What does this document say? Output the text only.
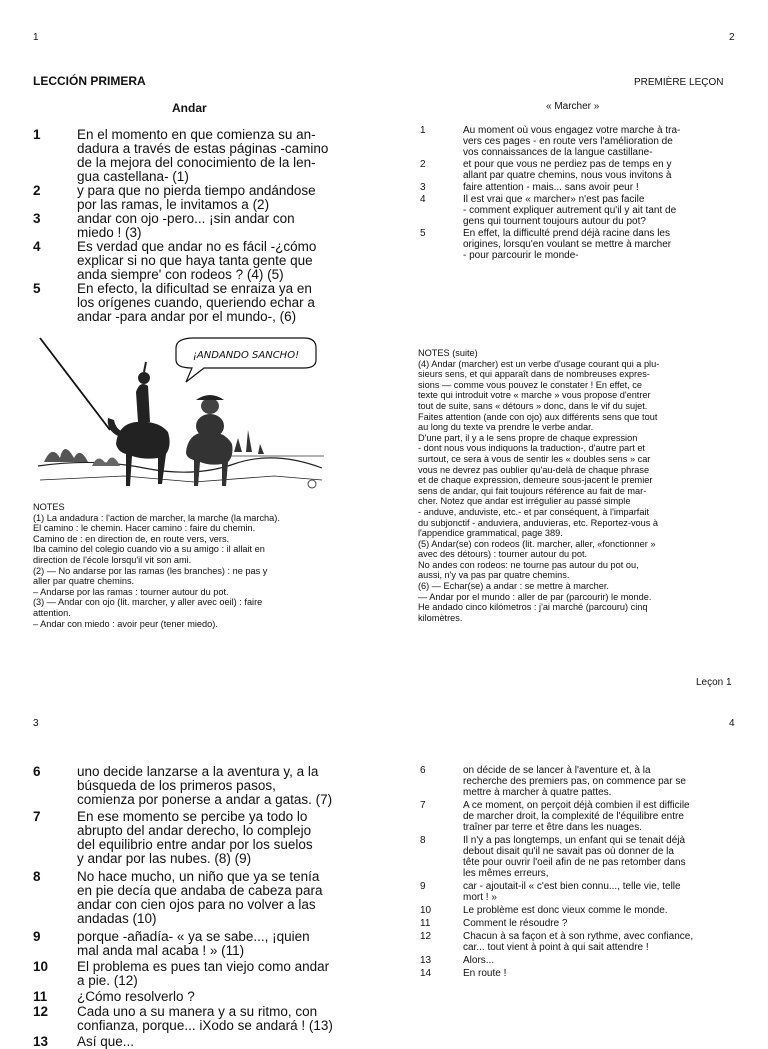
1	2
LECCIÓN PRIMERA	PREMIÈRE LEÇON
Andar	« Marcher »
1	En el momento en que comienza su an-
dadura a través de estas páginas -camino
de la mejora del conocimiento de la len-
gua castellana- (1)
2	y para que no pierda tiempo andándose
por las ramas, le invitamos a (2)
3	andar con ojo -pero... ¡sin andar con
miedo ! (3)
4	Es verdad que andar no es fácil -¿cómo
explicar si no que haya tanta gente que
anda siempre' con rodeos ? (4) (5)
5	En efecto, la dificultad se enraiza ya en
los orígenes cuando, queriendo echar a
andar -para andar por el mundo-, (6)
1	Au moment où vous engagez votre marche à tra-
vers ces pages - en route vers l'amélioration de
vos connaissances de la langue castillane-
2	et pour que vous ne perdiez pas de temps en y
allant par quatre chemins, nous vous invitons à
3	faire attention - mais... sans avoir peur !
4	Il est vrai que « marcher» n'est pas facile
- comment expliquer autrement qu'il y ait tant de
gens qui tournent toujours autour du pot?
5	En effet, la difficulté prend déjà racine dans les
origines, lorsqu'en voulant se mettre à marcher
- pour parcourir le monde-
¡ANDANDO SANCHO!
NOTES
(1) La andadura : l'action de marcher, la marche (la marcha).
El camino : le chemin. Hacer camino : faire du chemin.
Camino de : en direction de, en route vers, vers.
Iba camino del colegio cuando vio a su amigo : il allait en
direction de l'école lorsqu'il vit son ami.
(2) — No andarse por las ramas (les branches) : ne pas y
aller par quatre chemins.
– Andarse por las ramas : tourner autour du pot.
(3) — Andar con ojo (lit. marcher, y aller avec oeil) : faire
attention.
– Andar con miedo : avoir peur (tener miedo).
NOTES (suite)
(4) Andar (marcher) est un verbe d'usage courant qui a plu-
sieurs sens, et qui apparaît dans de nombreuses expres-
sions — comme vous pouvez le constater ! En effet, ce
texte qui introduit votre « marche » vous propose d'entrer
tout de suite, sans « détours » donc, dans le vif du sujet.
Faites attention (ande con ojo) aux différents sens que tout
au long du texte va prendre le verbe andar.
D'une part, il y a le sens propre de chaque expression
- dont nous vous indiquons la traduction-, d'autre part et
surtout, ce sera à vous de sentir les « doubles sens » car
vous ne devrez pas oublier qu'au-delà de chaque phrase
et de chaque expression, demeure sous-jacent le premier
sens de andar, qui fait toujours référence au fait de mar-
cher. Notez que andar est irrégulier au passé simple
- anduve, anduviste, etc.- et par conséquent, à l'imparfait
du subjonctif - anduviera, anduvieras, etc. Reportez-vous à
l'appendice grammatical, page 389.
(5) Andar(se) con rodeos (lit. marcher, aller, «fonctionner »
avec des détours) : tourner autour du pot.
No andes con rodeos: ne tourne pas autour du pot ou,
aussi, n'y va pas par quatre chemins.
(6) — Echar(se) a andar : se mettre à marcher.
— Andar por el mundo : aller de par (parcourir) le monde.
He andado cinco kilómetros : j'ai marché (parcouru) cinq
kilomètres.
Leçon 1
3	4
6	uno decide lanzarse a la aventura y, a la
búsqueda de los primeros pasos,
comienza por ponerse a andar a gatas. (7)
7	En ese momento se percibe ya todo lo
abrupto del andar derecho, lo complejo
del equilibrio entre andar por los suelos
y andar por las nubes. (8) (9)
8	No hace mucho, un niño que ya se tenía
en pie decía que andaba de cabeza para
andar con cien ojos para no volver a las
andadas (10)
9	porque -añadía- « ya se sabe..., ¡quien
mal anda mal acaba ! » (11)
10	El problema es pues tan viejo como andar
a pie. (12)
11	¿Cómo resolverlo ?
12	Cada uno a su manera y a su ritmo, con
confianza, porque... iXodo se andará ! (13)
13	Así que...
6	on décide de se lancer à l'aventure et, à la
recherche des premiers pas, on commence par se
mettre à marcher à quatre pattes.
7	A ce moment, on perçoit déjà combien il est difficile
de marcher droit, la complexité de l'équilibre entre
traîner par terre et être dans les nuages.
8	Il n'y a pas longtemps, un enfant qui se tenait déjà
debout disait qu'il ne savait pas où donner de la
tête pour ouvrir l'oeil afin de ne pas retomber dans
les mêmes erreurs,
9	car - ajoutait-il « c'est bien connu..., telle vie, telle
mort ! »
10	Le problème est donc vieux comme le monde.
11	Comment le résoudre ?
12	Chacun à sa façon et à son rythme, avec confiance,
car... tout vient à point à qui sait attendre !
13	Alors...
14	En route !
